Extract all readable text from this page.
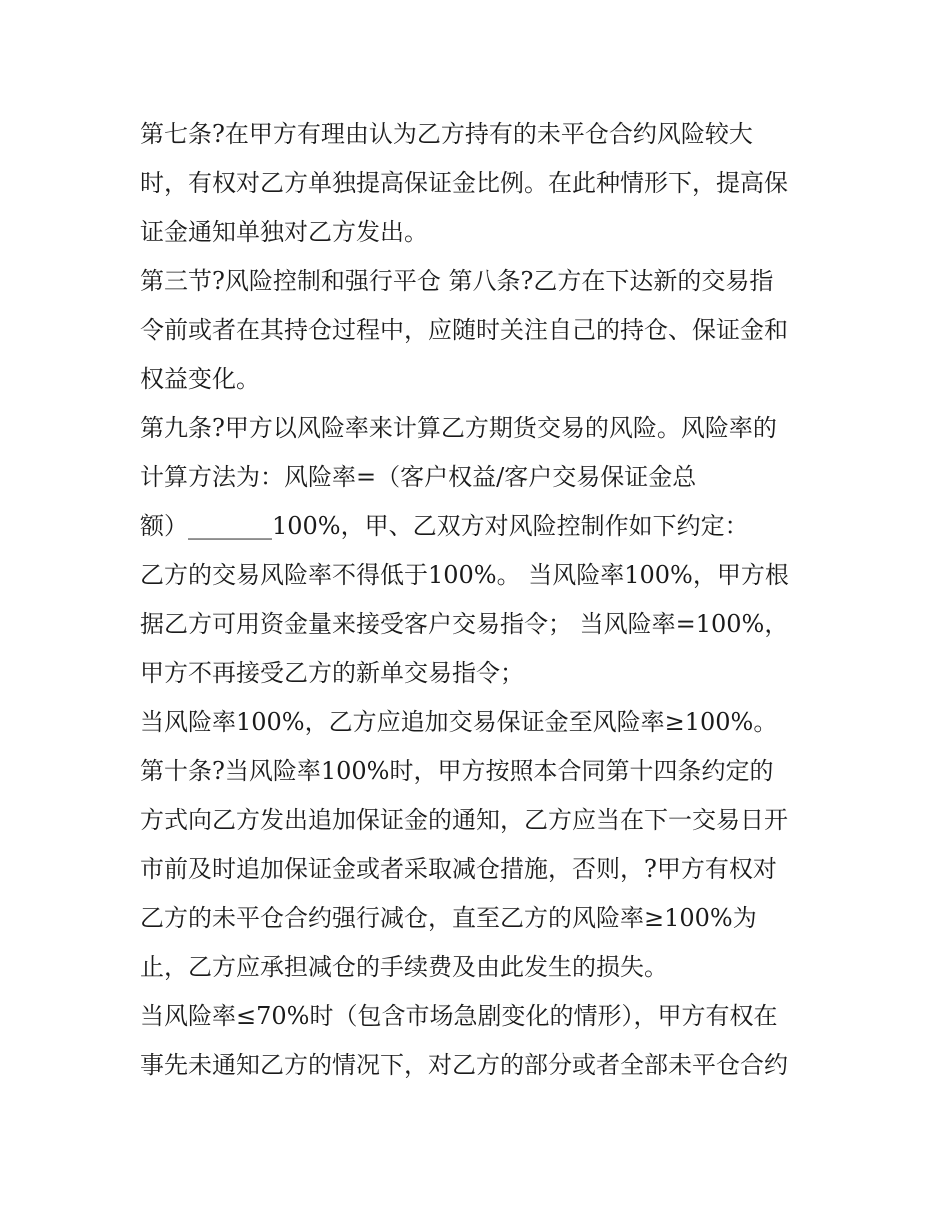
第七条?在甲方有理由认为乙方持有的未平仓合约风险较大
时，有权对乙方单独提高保证金比例。在此种情形下，提高保
证金通知单独对乙方发出。
第三节?风险控制和强行平仓 第八条?乙方在下达新的交易指
令前或者在其持仓过程中，应随时关注自己的持仓、保证金和
权益变化。
第九条?甲方以风险率来计算乙方期货交易的风险。风险率的
计算方法为：风险率=（客户权益/客户交易保证金总
额）_______100%，甲、乙双方对风险控制作如下约定：
乙方的交易风险率不得低于100%。 当风险率100%，甲方根
据乙方可用资金量来接受客户交易指令； 当风险率=100%，
甲方不再接受乙方的新单交易指令；
当风险率100%，乙方应追加交易保证金至风险率≥100%。
第十条?当风险率100%时，甲方按照本合同第十四条约定的
方式向乙方发出追加保证金的通知，乙方应当在下一交易日开
市前及时追加保证金或者采取减仓措施，否则，?甲方有权对
乙方的未平仓合约强行减仓，直至乙方的风险率≥100%为
止，乙方应承担减仓的手续费及由此发生的损失。
当风险率≤70%时（包含市场急剧变化的情形），甲方有权在
事先未通知乙方的情况下，对乙方的部分或者全部未平仓合约
